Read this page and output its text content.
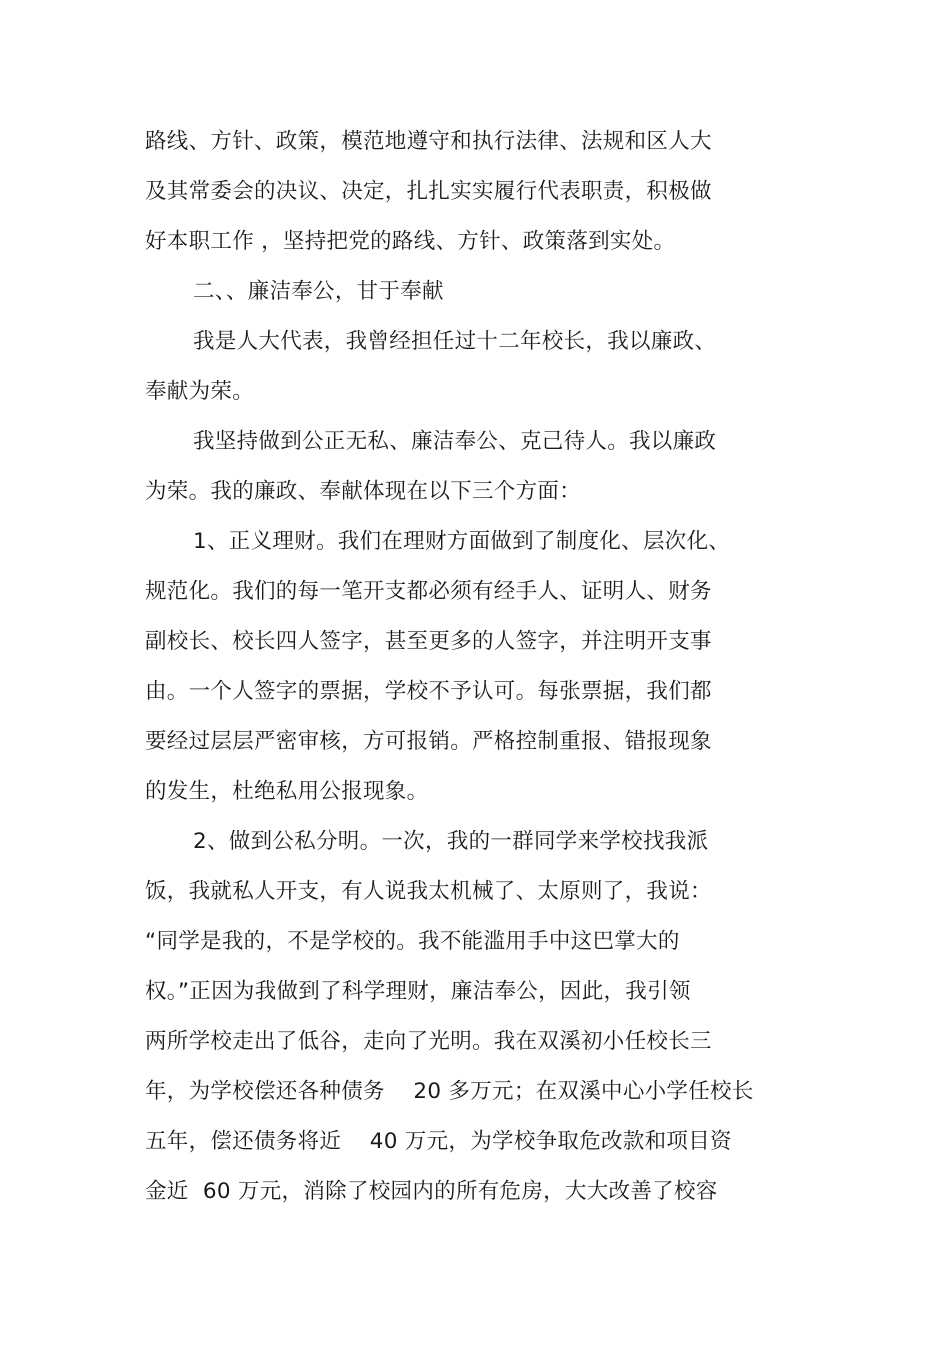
路线、方针、政策，模范地遵守和执行法律、法规和区人大
及其常委会的决议、决定，扎扎实实履行代表职责，积极做
好本职工作 ，坚持把党的路线、方针、政策落到实处。
二、、廉洁奉公，甘于奉献
我是人大代表，我曾经担任过十二年校长，我以廉政、
奉献为荣。
我坚持做到公正无私、廉洁奉公、克己待人。我以廉政
为荣。我的廉政、奉献体现在以下三个方面：
1、正义理财。我们在理财方面做到了制度化、层次化、
规范化。我们的每一笔开支都必须有经手人、证明人、财务
副校长、校长四人签字，甚至更多的人签字，并注明开支事
由。一个人签字的票据，学校不予认可。每张票据，我们都
要经过层层严密审核，方可报销。严格控制重报、错报现象
的发生，杜绝私用公报现象。
2、做到公私分明。一次，我的一群同学来学校找我派
饭，我就私人开支，有人说我太机械了、太原则了，我说：
“同学是我的，不是学校的。我不能滥用手中这巴掌大的
权。”正因为我做到了科学理财，廉洁奉公，因此，我引领
两所学校走出了低谷，走向了光明。我在双溪初小任校长三
年，为学校偿还各种债务    20 多万元；在双溪中心小学任校长
五年，偿还债务将近    40 万元，为学校争取危改款和项目资
金近  60 万元，消除了校园内的所有危房，大大改善了校容
